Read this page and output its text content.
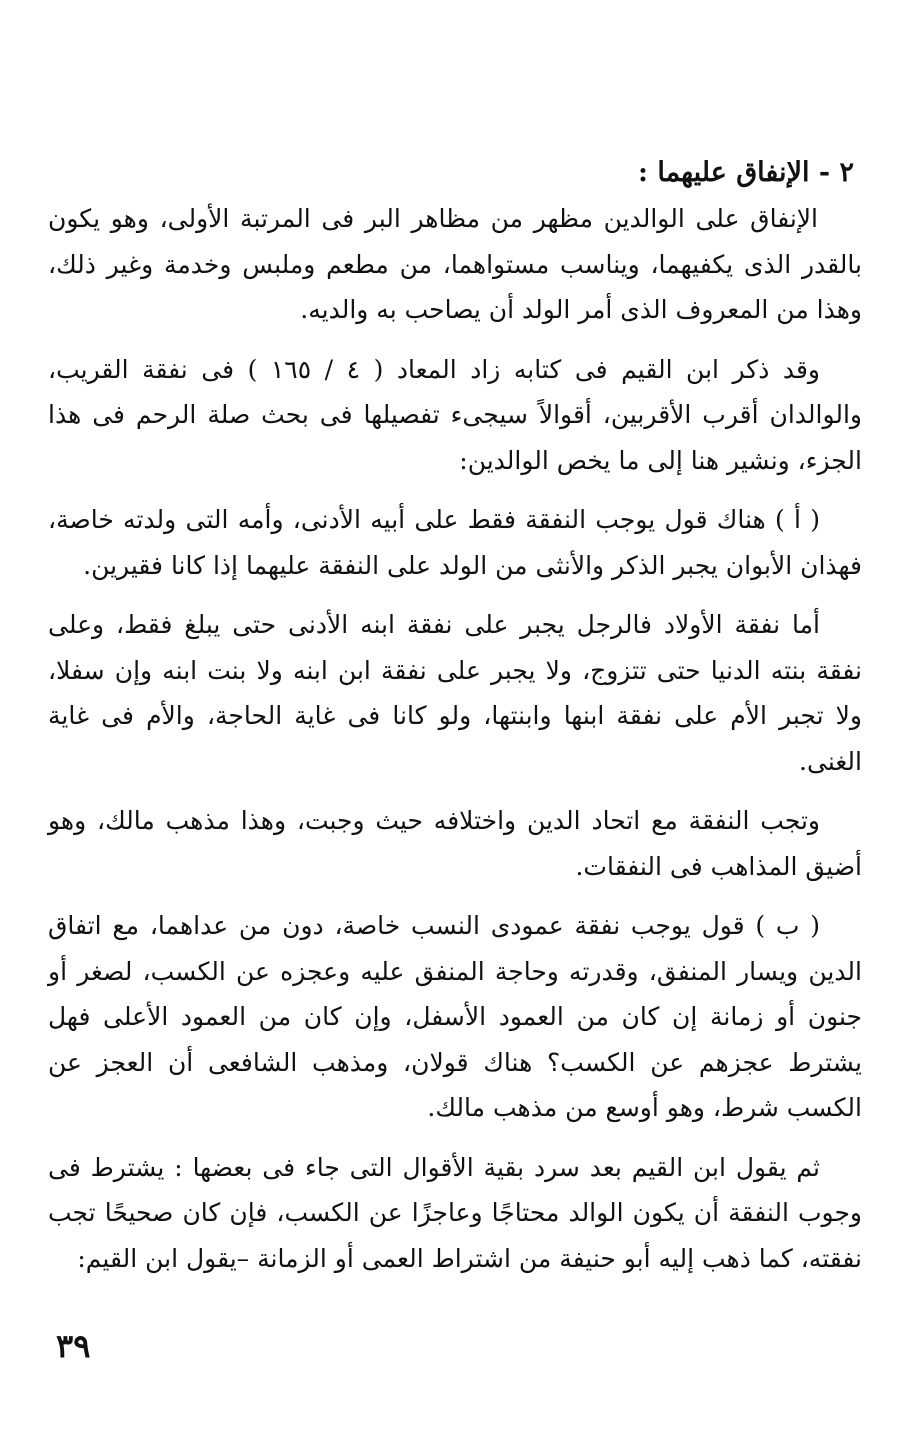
٢ - الإنفاق عليهما :

الإنفاق على الوالدين مظهر من مظاهر البر فى المرتبة الأولى، وهو يكون بالقدر الذى يكفيهما، ويناسب مستواهما، من مطعم وملبس وخدمة وغير ذلك، وهذا من المعروف الذى أمر الولد أن يصاحب به والديه.

وقد ذكر ابن القيم فى كتابه زاد المعاد ( ٤ / ١٦٥ ) فى نفقة القريب، والوالدان أقرب الأقربين، أقوالاً سيجىء تفصيلها فى بحث صلة الرحم فى هذا الجزء، ونشير هنا إلى ما يخص الوالدين:

( أ ) هناك قول يوجب النفقة فقط على أبيه الأدنى، وأمه التى ولدته خاصة، فهذان الأبوان يجبر الذكر والأنثى من الولد على النفقة عليهما إذا كانا فقيرين.

أما نفقة الأولاد فالرجل يجبر على نفقة ابنه الأدنى حتى يبلغ فقط، وعلى نفقة بنته الدنيا حتى تتزوج، ولا يجبر على نفقة ابن ابنه ولا بنت ابنه وإن سفلا، ولا تجبر الأم على نفقة ابنها وابنتها، ولو كانا فى غاية الحاجة، والأم فى غاية الغنى.

وتجب النفقة مع اتحاد الدين واختلافه حيث وجبت، وهذا مذهب مالك، وهو أضيق المذاهب فى النفقات.

( ب ) قول يوجب نفقة عمودى النسب خاصة، دون من عداهما، مع اتفاق الدين ويسار المنفق، وقدرته وحاجة المنفق عليه وعجزه عن الكسب، لصغر أو جنون أو زمانة إن كان من العمود الأسفل، وإن كان من العمود الأعلى فهل يشترط عجزهم عن الكسب؟ هناك قولان، ومذهب الشافعى أن العجز عن الكسب شرط، وهو أوسع من مذهب مالك.

ثم يقول ابن القيم بعد سرد بقية الأقوال التى جاء فى بعضها : يشترط فى وجوب النفقة أن يكون الوالد محتاجًا وعاجزًا عن الكسب، فإن كان صحيحًا تجب نفقته، كما ذهب إليه أبو حنيفة من اشتراط العمى أو الزمانة –يقول ابن القيم:

٣٩
